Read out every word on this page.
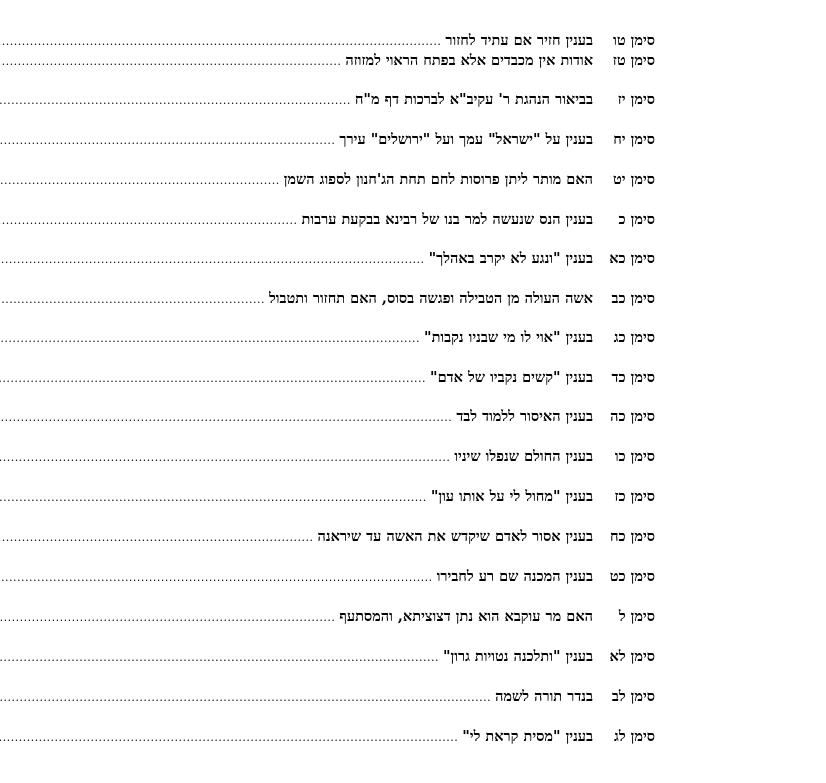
סימן טו
בענין חזיר אם עתיד לחזור
.....
סימן טז
אודות אין מכבדים אלא בפתח הראוי למזוזה
.....
סימן יז
בביאור הנהגת ר' עקיב"א לברכות דף מ"ח
.....
סימן יח
בענין על "ישראל" עמך ועל "ירושלים" עירך
.....
סימן יט
האם מותר ליתן פרוסות לחם תחת הג'חנון לספוג השמן
.....
סימן כ
בענין הנס שנעשה למר בנו של רבינא בבקעת ערבות
.....
סימן כא
בענין "ונגע לא יקרב באהלך"
.....
סימן כב
אשה העולה מן הטבילה ופגשה בסוס, האם תחזור ותטבול
.....
סימן כג
בענין "אוי לו מי שבניו נקבות"
.....
סימן כד
בענין "קשים נקביו של אדם"
.....
סימן כה
בענין האיסור ללמוד לבד
.....
סימן כו
בענין החולם שנפלו שיניו
.....
סימן כז
בענין "מחול לי על אותו עון"
.....
סימן כח
בענין אסור לאדם שיקדש את האשה עד שיראנה
.....
סימן כט
בענין המכנה שם רע לחבירו
.....
סימן ל
האם מר עוקבא הוא נתן דצוציתא, והמסתעף
.....
סימן לא
בענין "ותלכנה נטויות גרון"
.....
סימן לב
בנדר תורה לשמה
.....
סימן לג
בענין "מסית קראת לי"
.....
